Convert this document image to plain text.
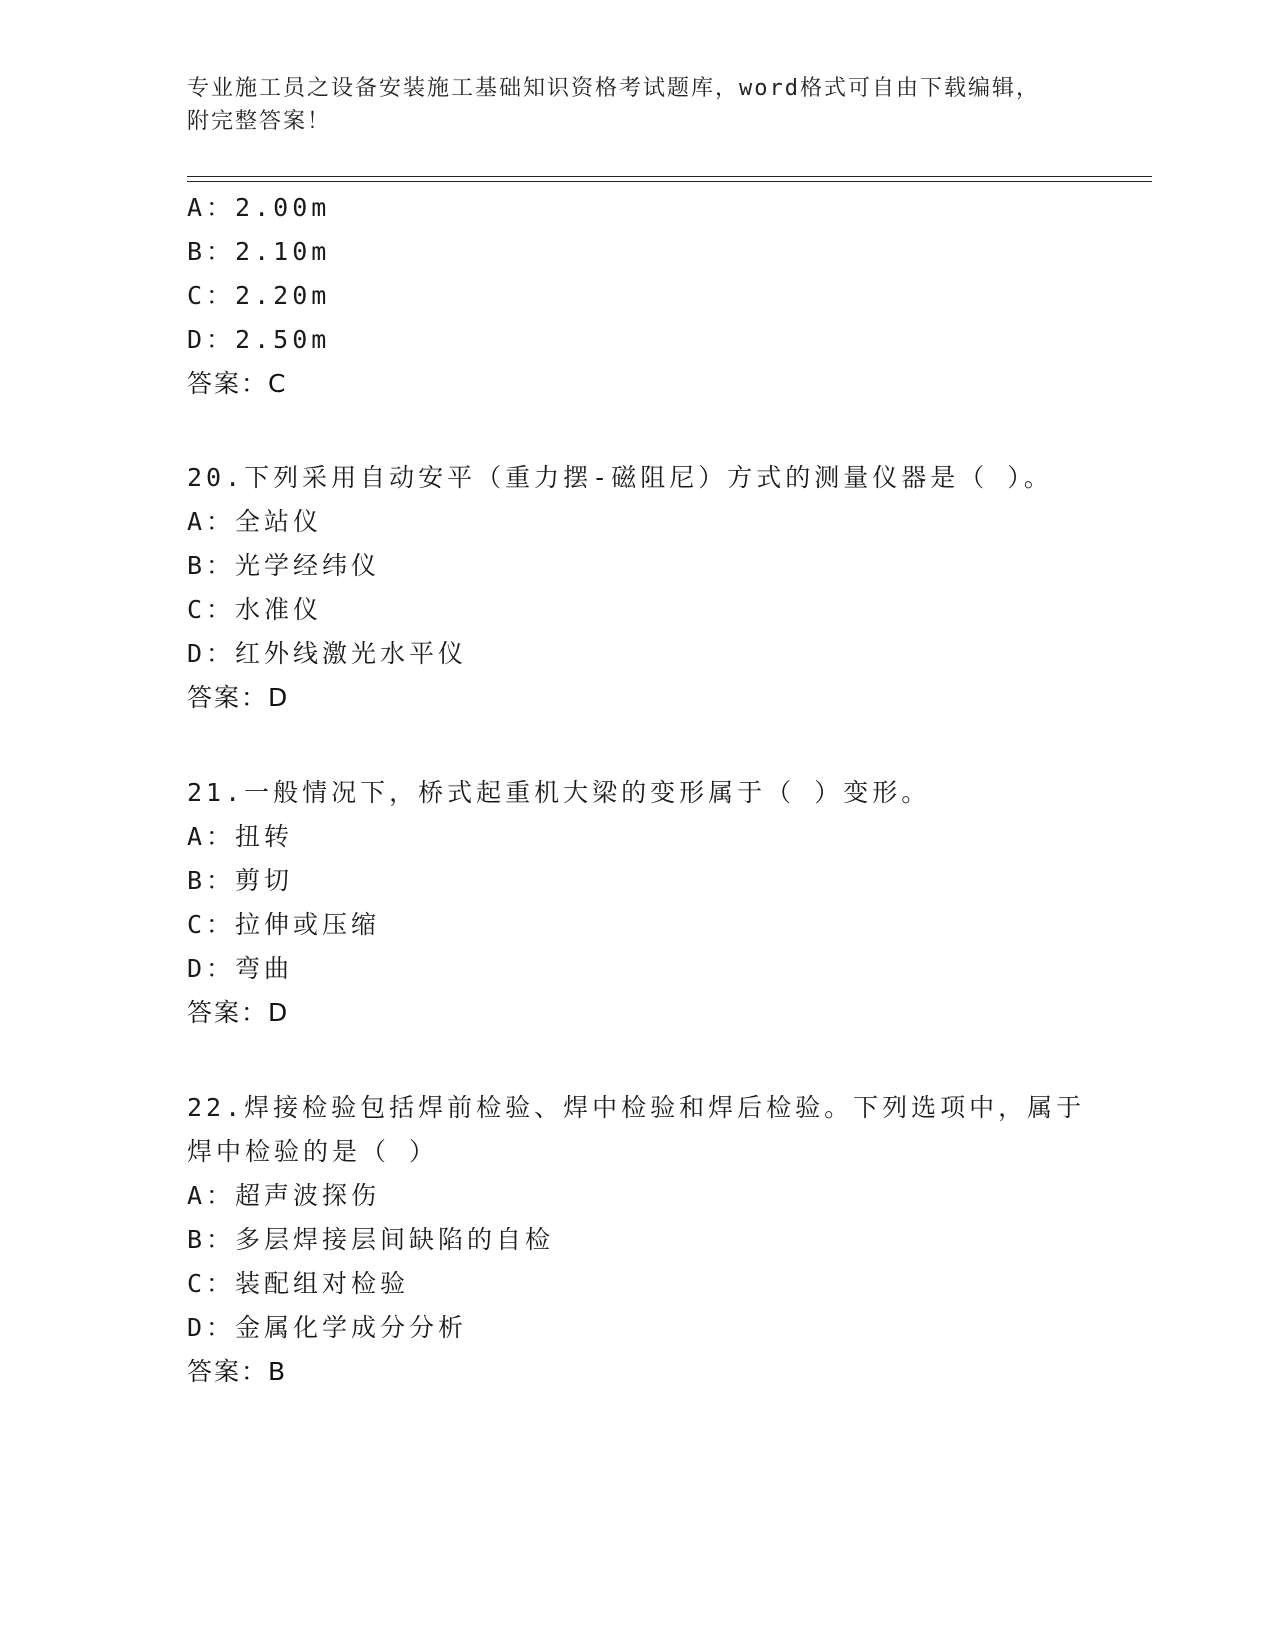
专业施工员之设备安装施工基础知识资格考试题库，word格式可自由下载编辑，
附完整答案！
A：2.00m
B：2.10m
C：2.20m
D：2.50m
答案：C
20.下列采用自动安平（重力摆-磁阻尼）方式的测量仪器是（ ）。
A：全站仪
B：光学经纬仪
C：水准仪
D：红外线激光水平仪
答案：D
21.一般情况下，桥式起重机大梁的变形属于（ ）变形。
A：扭转
B：剪切
C：拉伸或压缩
D：弯曲
答案：D
22.焊接检验包括焊前检验、焊中检验和焊后检验。下列选项中，属于
焊中检验的是（ ）
A：超声波探伤
B：多层焊接层间缺陷的自检
C：装配组对检验
D：金属化学成分分析
答案：B
